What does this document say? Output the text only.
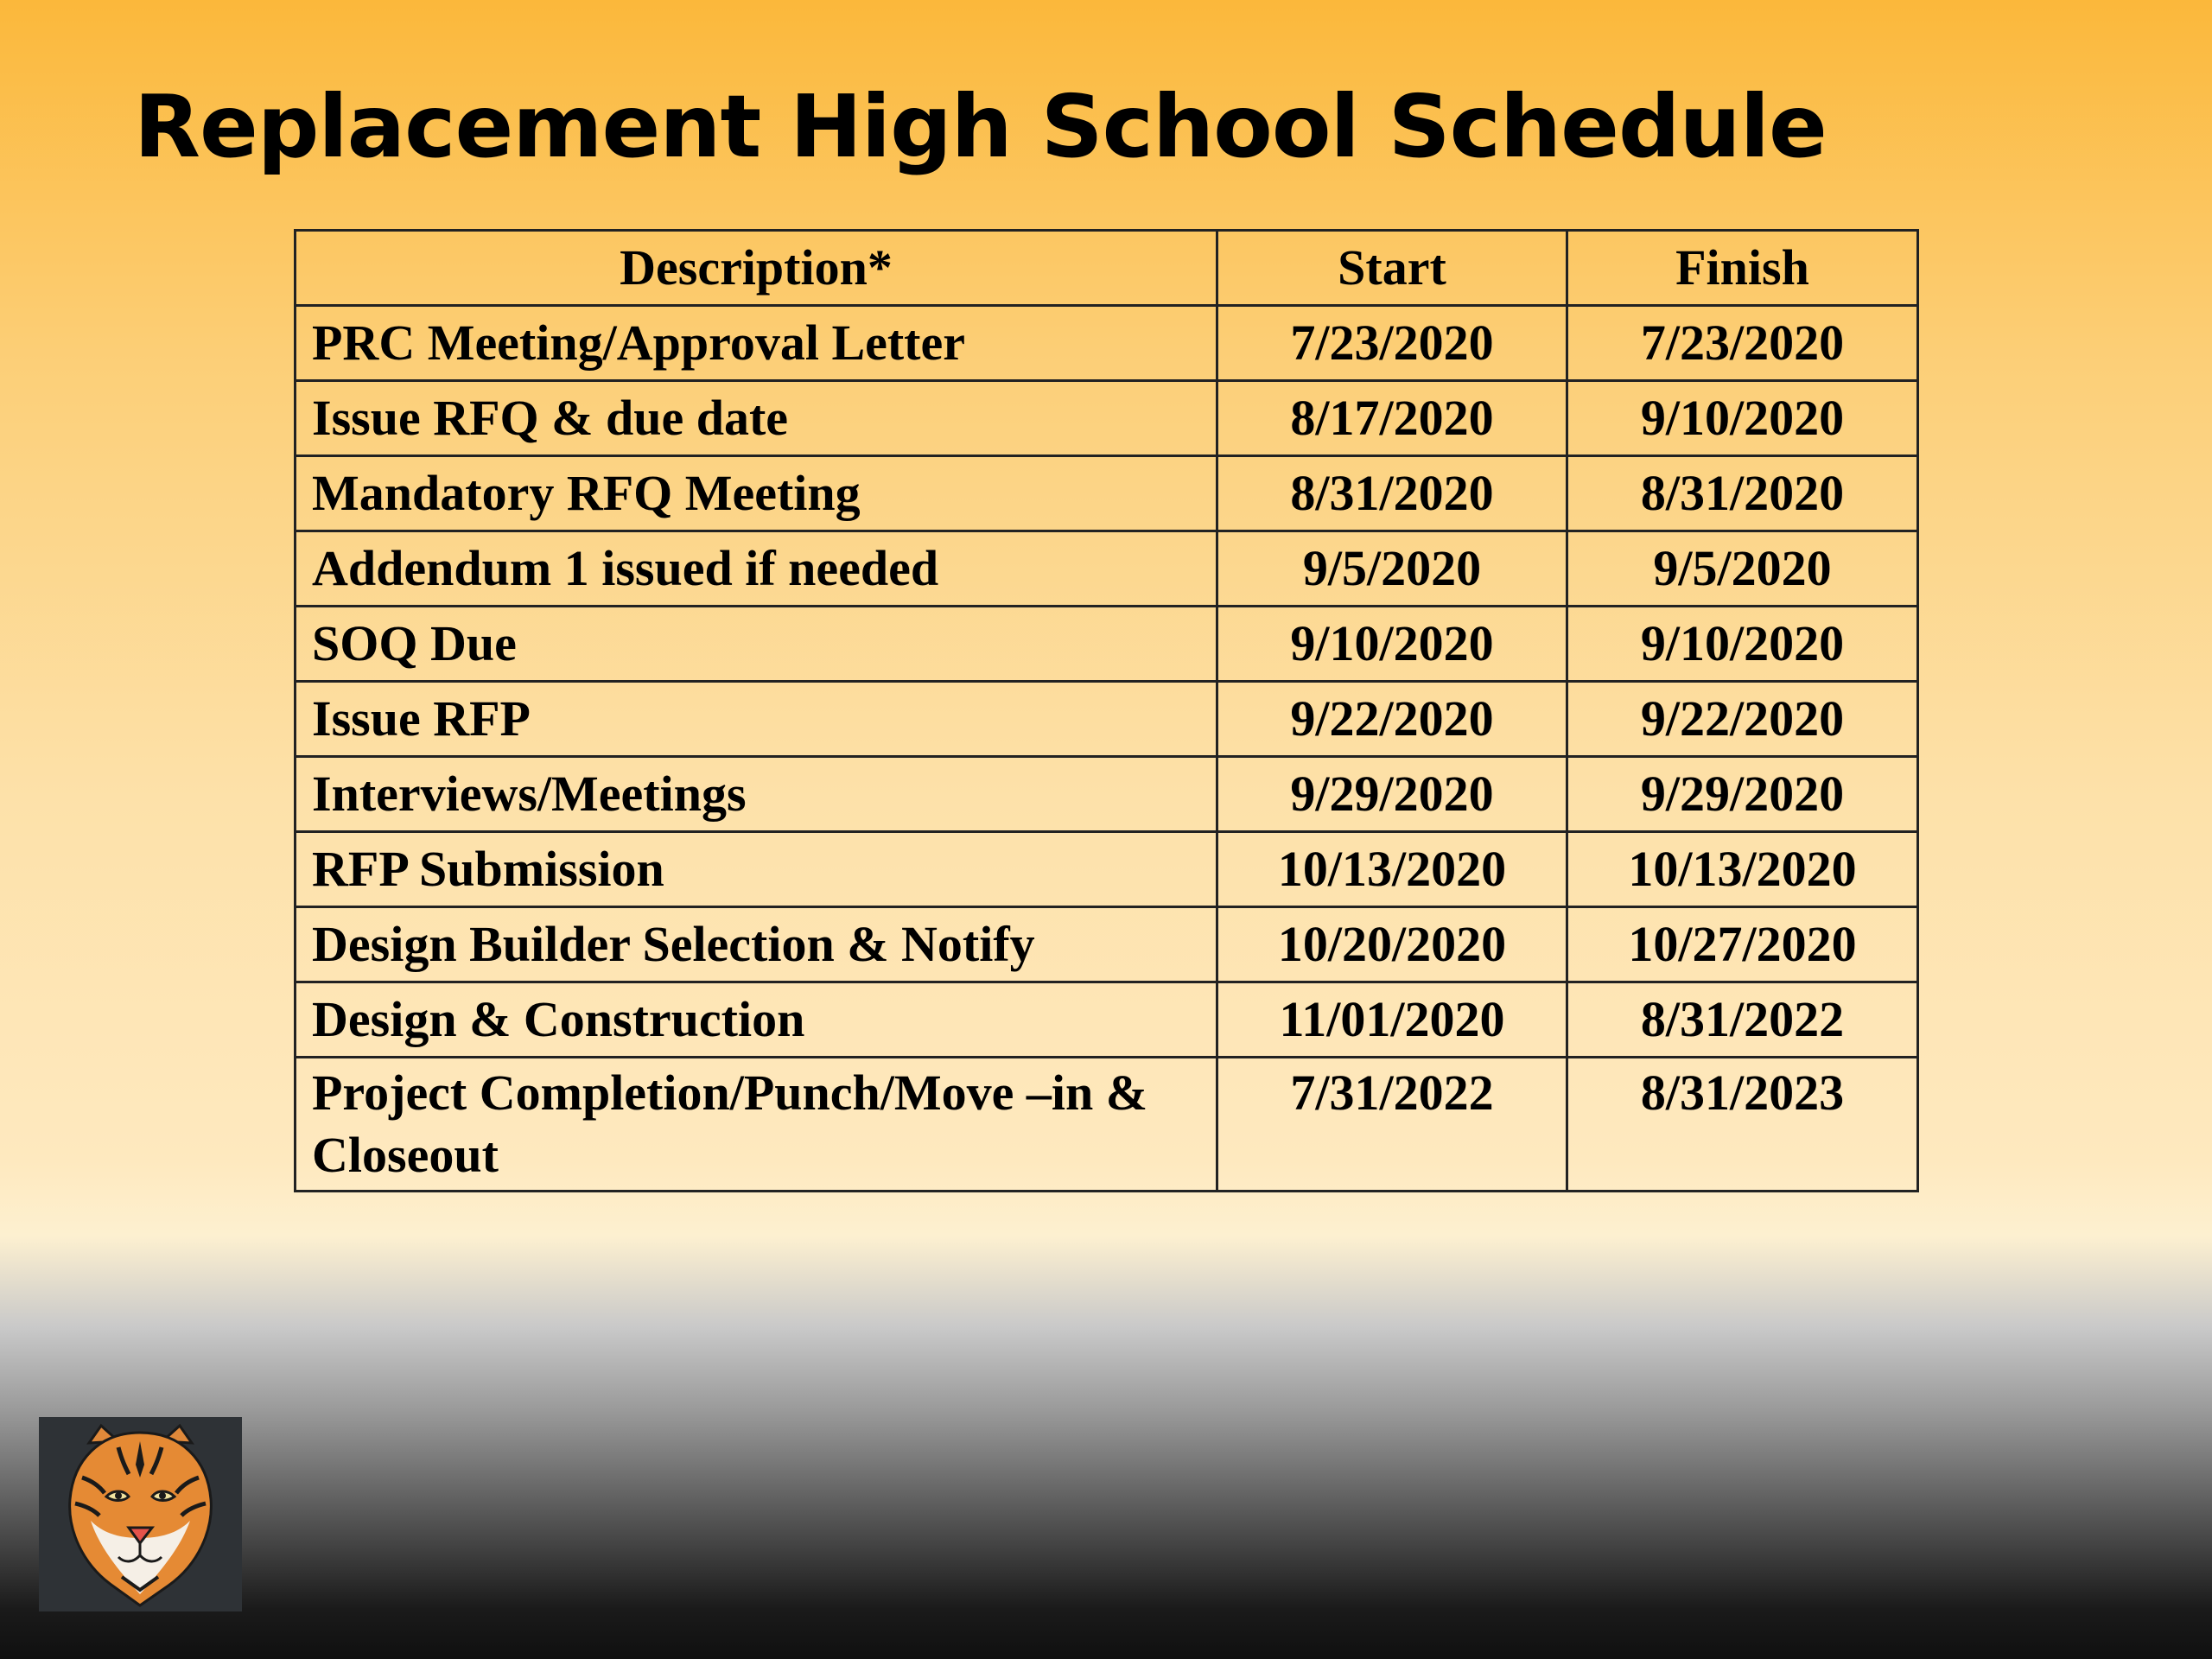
Replacement High School Schedule
Description*	Start	Finish
PRC Meeting/Approval Letter	7/23/2020	7/23/2020
Issue RFQ & due date	8/17/2020	9/10/2020
Mandatory RFQ Meeting	8/31/2020	8/31/2020
Addendum 1 issued if needed	9/5/2020	9/5/2020
SOQ Due	9/10/2020	9/10/2020
Issue RFP	9/22/2020	9/22/2020
Interviews/Meetings	9/29/2020	9/29/2020
RFP Submission	10/13/2020	10/13/2020
Design Builder Selection & Notify	10/20/2020	10/27/2020
Design & Construction	11/01/2020	8/31/2022
Project Completion/Punch/Move –in & Closeout	7/31/2022	8/31/2023
